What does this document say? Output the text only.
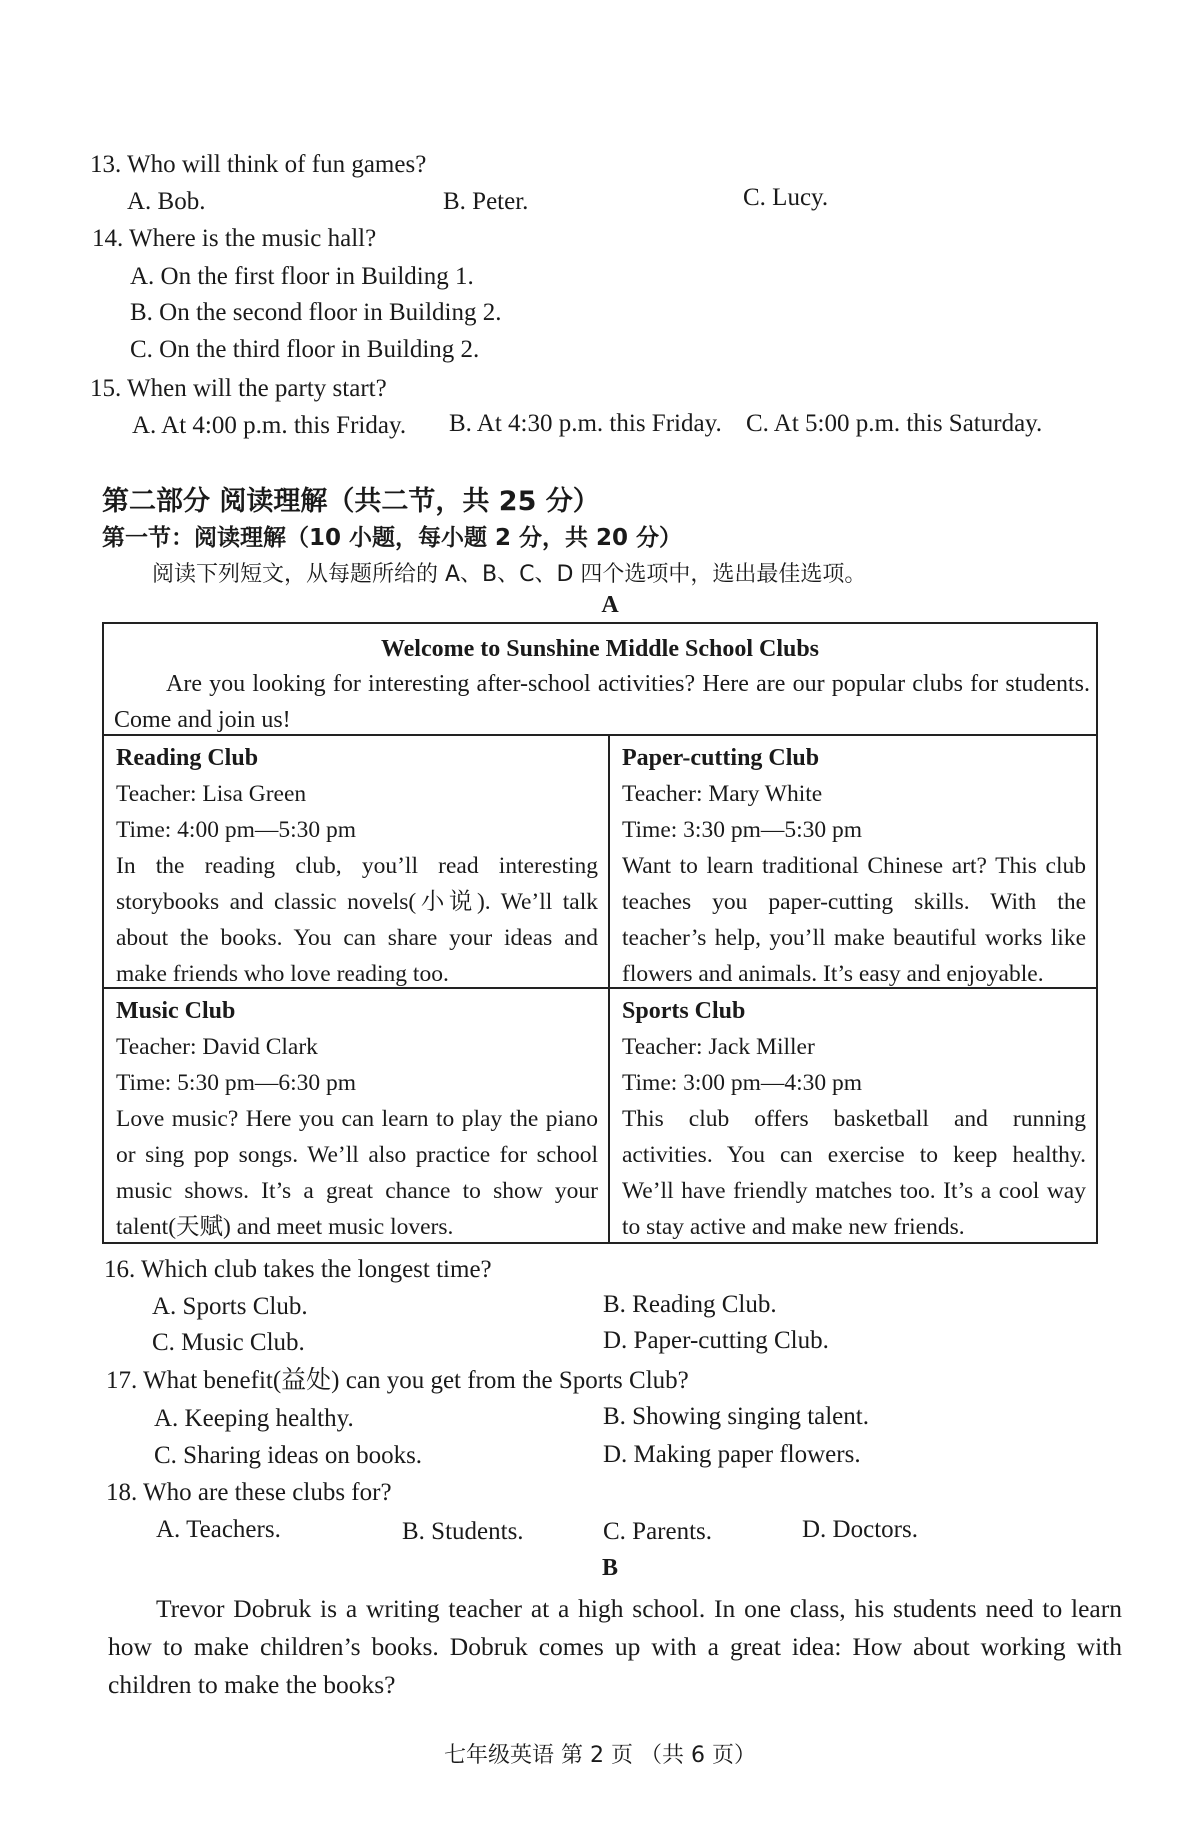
13. Who will think of fun games?
A. Bob.	B. Peter.	C. Lucy.
14. Where is the music hall?
A. On the first floor in Building 1.
B. On the second floor in Building 2.
C. On the third floor in Building 2.
15. When will the party start?
A. At 4:00 p.m. this Friday. B. At 4:30 p.m. this Friday. C. At 5:00 p.m. this Saturday.
第二部分 阅读理解（共二节，共 25 分）
第一节：阅读理解（10 小题，每小题 2 分，共 20 分）
阅读下列短文，从每题所给的 A、B、C、D 四个选项中，选出最佳选项。
A
Welcome to Sunshine Middle School Clubs
Are you looking for interesting after-school activities? Here are our popular clubs for students. Come and join us!
Reading Club
Teacher: Lisa Green
Time: 4:00 pm—5:30 pm
In the reading club, you’ll read interesting storybooks and classic novels(小说). We’ll talk about the books. You can share your ideas and make friends who love reading too.
Paper-cutting Club
Teacher: Mary White
Time: 3:30 pm—5:30 pm
Want to learn traditional Chinese art? This club teaches you paper-cutting skills. With the teacher’s help, you’ll make beautiful works like flowers and animals. It’s easy and enjoyable.
Music Club
Teacher: David Clark
Time: 5:30 pm—6:30 pm
Love music? Here you can learn to play the piano or sing pop songs. We’ll also practice for school music shows. It’s a great chance to show your talent(天赋) and meet music lovers.
Sports Club
Teacher: Jack Miller
Time: 3:00 pm—4:30 pm
This club offers basketball and running activities. You can exercise to keep healthy. We’ll have friendly matches too. It’s a cool way to stay active and make new friends.
16. Which club takes the longest time?
A. Sports Club.	B. Reading Club.
C. Music Club.	D. Paper-cutting Club.
17. What benefit(益处) can you get from the Sports Club?
A. Keeping healthy.	B. Showing singing talent.
C. Sharing ideas on books.	D. Making paper flowers.
18. Who are these clubs for?
A. Teachers.	B. Students.	C. Parents.	D. Doctors.
B
Trevor Dobruk is a writing teacher at a high school. In one class, his students need to learn how to make children’s books. Dobruk comes up with a great idea: How about working with children to make the books?
七年级英语 第 2 页 （共 6 页）
